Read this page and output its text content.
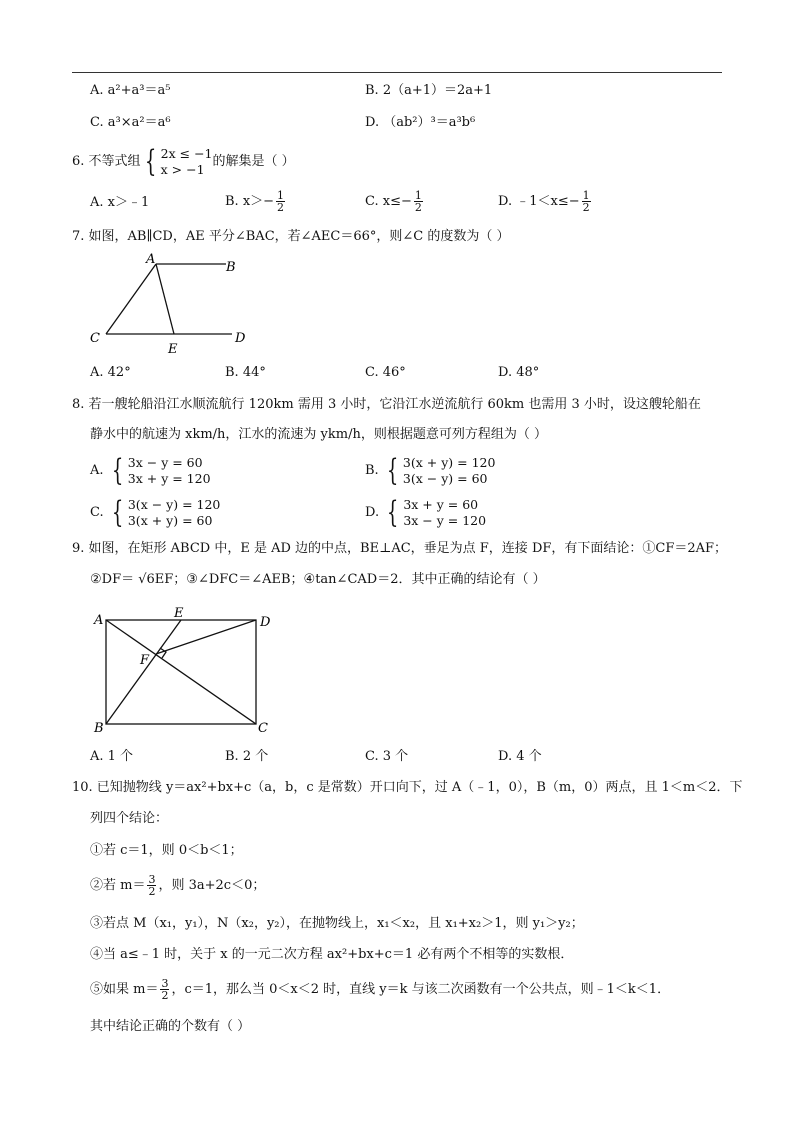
A. a²+a³＝a⁵	B. 2（a+1）＝2a+1
C. a³×a²＝a⁶	D. （ab²）³＝a³b⁶
6. 不等式组 { 2x ≤ −1
x > −1 的解集是（ ）
A. x＞﹣1	B. $x>- \frac{1}{2}$	C. $x\le- \frac{1}{2}$	D. ﹣1＜x≤− $\frac{1}{2}$
7. 如图，AB∥CD，AE 平分∠BAC，若∠AEC＝66°，则∠C 的度数为（ ）
A
B
C	D
E
A. 42°	B. 44°	C. 46°	D. 48°
8. 若一艘轮船沿江水顺流航行 120km 需用 3 小时，它沿江水逆流航行 60km 也需用 3 小时，设这艘轮船在
静水中的航速为 xkm/h，江水的流速为 ykm/h，则根据题意可列方程组为（ ）
A. { 3x − y = 60
3x + y = 120	B. { 3(x + y) = 120
3(x − y) = 60
C. { 3(x − y) = 120
3(x + y) = 60	D. { 3x + y = 60
3x − y = 120
9. 如图，在矩形 ABCD 中，E 是 AD 边的中点，BE⊥AC，垂足为点 F，连接 DF，有下面结论：①CF＝2AF；
②DF＝ √6EF；③∠DFC＝∠AEB；④tan∠CAD＝2．其中正确的结论有（ ）
A	E
D
F
B	C
A. 1 个	B. 2 个	C. 3 个	D. 4 个
10. 已知抛物线 y＝ax²+bx+c（a，b，c 是常数）开口向下，过 A（﹣1，0），B（m，0）两点，且 1＜m＜2．下
列四个结论：
①若 c＝1，则 0＜b＜1；
②若 $m= \frac{3}{2}$ ，则 3a+2c＜0；
③若点 M（x₁，y₁），N（x₂，y₂），在抛物线上，x₁＜x₂，且 x₁+x₂＞1，则 y₁＞y₂；
④当 a≤﹣1 时，关于 x 的一元二次方程 ax²+bx+c＝1 必有两个不相等的实数根．
⑤如果 $m= \frac{3}{2}$ ，c＝1，那么当 0＜x＜2 时，直线 y＝k 与该二次函数有一个公共点，则﹣1＜k＜1．
其中结论正确的个数有（ ）
